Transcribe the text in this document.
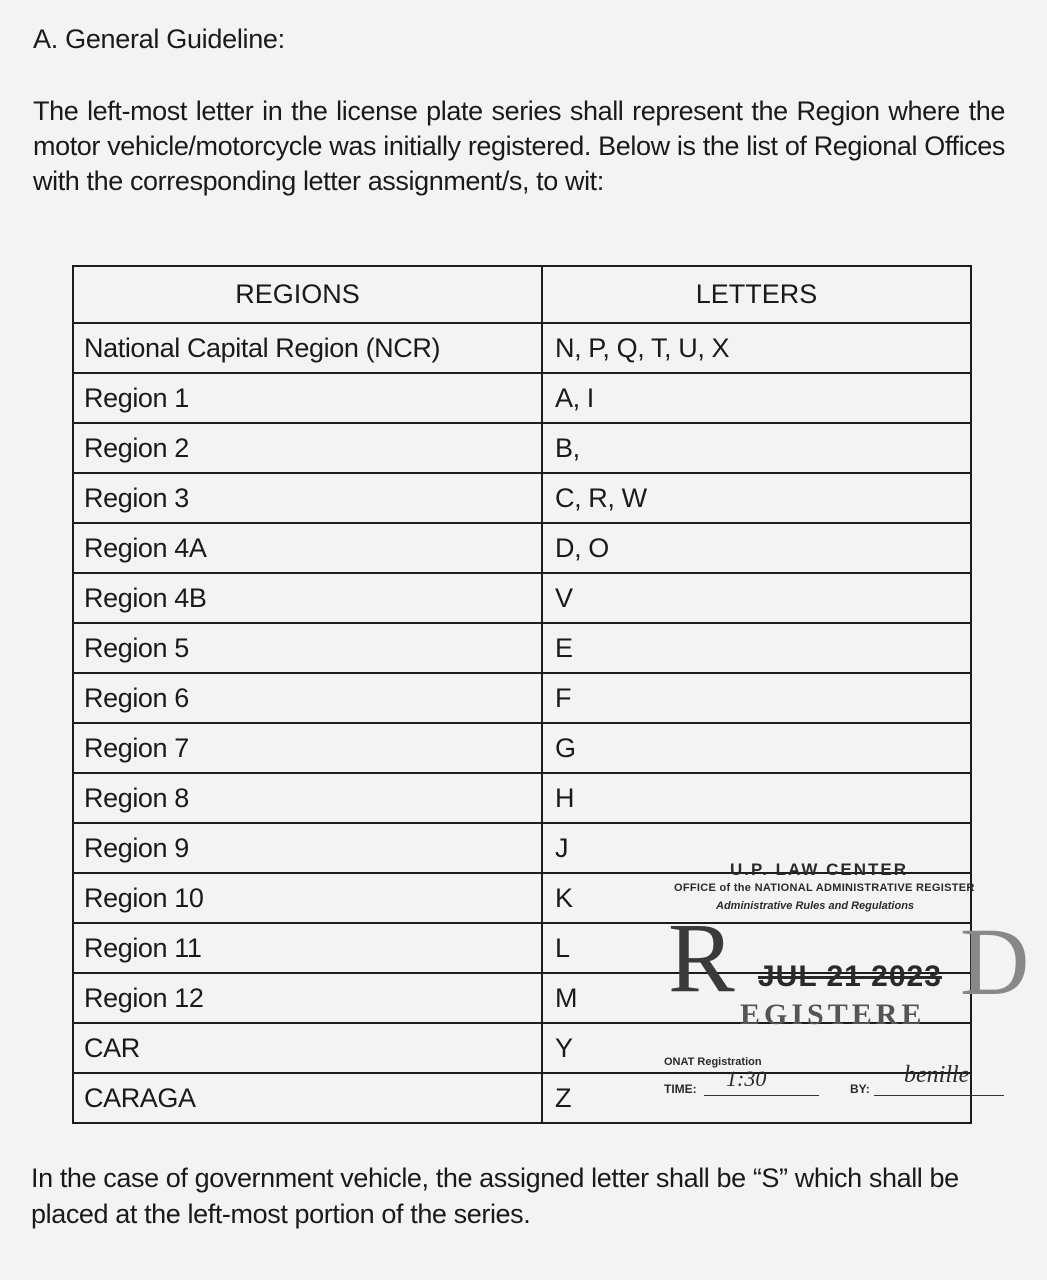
A. General Guideline:
The left-most letter in the license plate series shall represent the Region where the motor vehicle/motorcycle was initially registered. Below is the list of Regional Offices with the corresponding letter assignment/s, to wit:
REGIONS	LETTERS
National Capital Region (NCR)	N, P, Q, T, U, X
Region 1	A, I
Region 2	B,
Region 3	C, R, W
Region 4A	D, O
Region 4B	V
Region 5	E
Region 6	F
Region 7	G
Region 8	H
Region 9	J
Region 10	K
Region 11	L
Region 12	M
CAR	Y
CARAGA	Z
U.P. LAW CENTER
OFFICE of the NATIONAL ADMINISTRATIVE REGISTER
Administrative Rules and Regulations
R D
EGISTERE
JUL 21 2023
ONAT Registration
TIME: 1:30	BY:
benille
In the case of government vehicle, the assigned letter shall be “S” which shall be placed at the left-most portion of the series.
